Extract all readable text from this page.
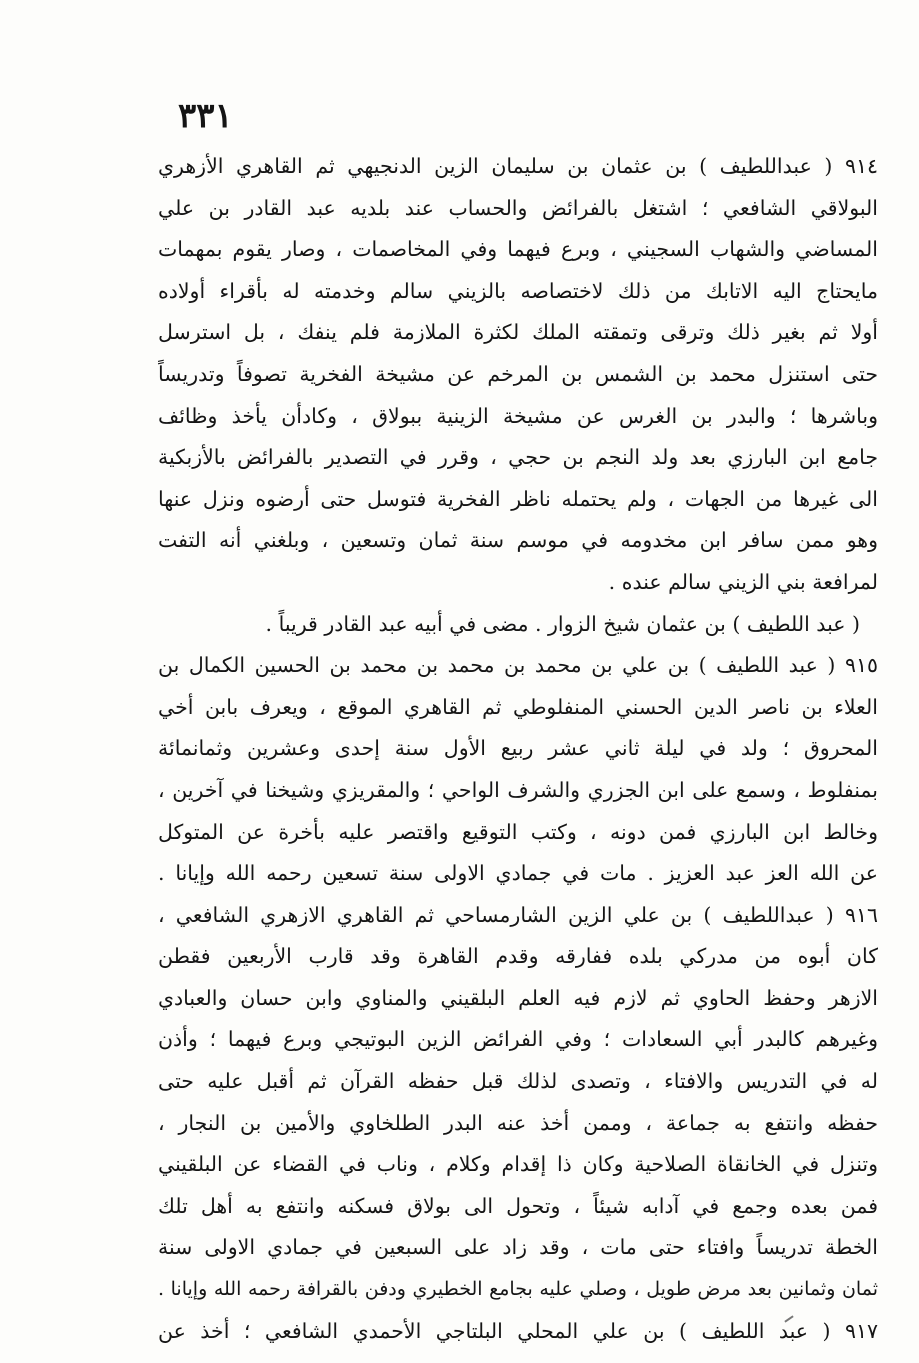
٣٣١
٩١٤ ( عبداللطيف ) بن عثمان بن سليمان الزين الدنجيهي ثم القاهري الأزهري
البولاقي الشافعي ؛ اشتغل بالفرائض والحساب عند بلديه عبد القادر بن علي
المساضي والشهاب السجيني ، وبرع فيهما وفي المخاصمات ، وصار يقوم بمهمات
مايحتاج اليه الاتابك من ذلك لاختصاصه بالزيني سالم وخدمته له بأقراء أولاده
أولا ثم بغير ذلك وترقى وتمقته الملك لكثرة الملازمة فلم ينفك ، بل استرسل
حتى استنزل محمد بن الشمس بن المرخم عن مشيخة الفخرية تصوفاً وتدريساً
وباشرها ؛ والبدر بن الغرس عن مشيخة الزينية ببولاق ، وكادأن يأخذ وظائف
جامع ابن البارزي بعد ولد النجم بن حجي ، وقرر في التصدير بالفرائض بالأزبكية
الى غيرها من الجهات ، ولم يحتمله ناظر الفخرية فتوسل حتى أرضوه ونزل عنها
وهو ممن سافر ابن مخدومه في موسم سنة ثمان وتسعين ، وبلغني أنه التفت
لمرافعة بني الزيني سالم عنده .
( عبد اللطيف ) بن عثمان شيخ الزوار . مضى في أبيه عبد القادر قريباً .
٩١٥ ( عبد اللطيف ) بن علي بن محمد بن محمد بن محمد بن الحسين الكمال بن
العلاء بن ناصر الدين الحسني المنفلوطي ثم القاهري الموقع ، ويعرف بابن أخي
المحروق ؛ ولد في ليلة ثاني عشر ربيع الأول سنة إحدى وعشرين وثمانمائة
بمنفلوط ، وسمع على ابن الجزري والشرف الواحي ؛ والمقريزي وشيخنا في آخرين ،
وخالط ابن البارزي فمن دونه ، وكتب التوقيع واقتصر عليه بأخرة عن المتوكل
عن الله العز عبد العزيز . مات في جمادي الاولى سنة تسعين رحمه الله وإيانا .
٩١٦ ( عبداللطيف ) بن علي الزين الشارمساحي ثم القاهري الازهري الشافعي ،
كان أبوه من مدركي بلده ففارقه وقدم القاهرة وقد قارب الأربعين فقطن
الازهر وحفظ الحاوي ثم لازم فيه العلم البلقيني والمناوي وابن حسان والعبادي
وغيرهم كالبدر أبي السعادات ؛ وفي الفرائض الزين البوتيجي وبرع فيهما ؛ وأذن
له في التدريس والافتاء ، وتصدى لذلك قبل حفظه القرآن ثم أقبل عليه حتى
حفظه وانتفع به جماعة ، وممن أخذ عنه البدر الطلخاوي والأمين بن النجار ،
وتنزل في الخانقاة الصلاحية وكان ذا إقدام وكلام ، وناب في القضاء عن البلقيني
فمن بعده وجمع في آدابه شيئاً ، وتحول الى بولاق فسكنه وانتفع به أهل تلك
الخطة تدريساً وافتاء حتى مات ، وقد زاد على السبعين في جمادي الاولى سنة
ثمان وثمانين بعد مرض طويل ، وصلي عليه بجامع الخطيري ودفن بالقرافة رحمه الله وإيانا .
٩١٧ ( عبد اللطيف ) بن علي المحلي البلتاجي الأحمدي الشافعي ؛ أخذ عن
